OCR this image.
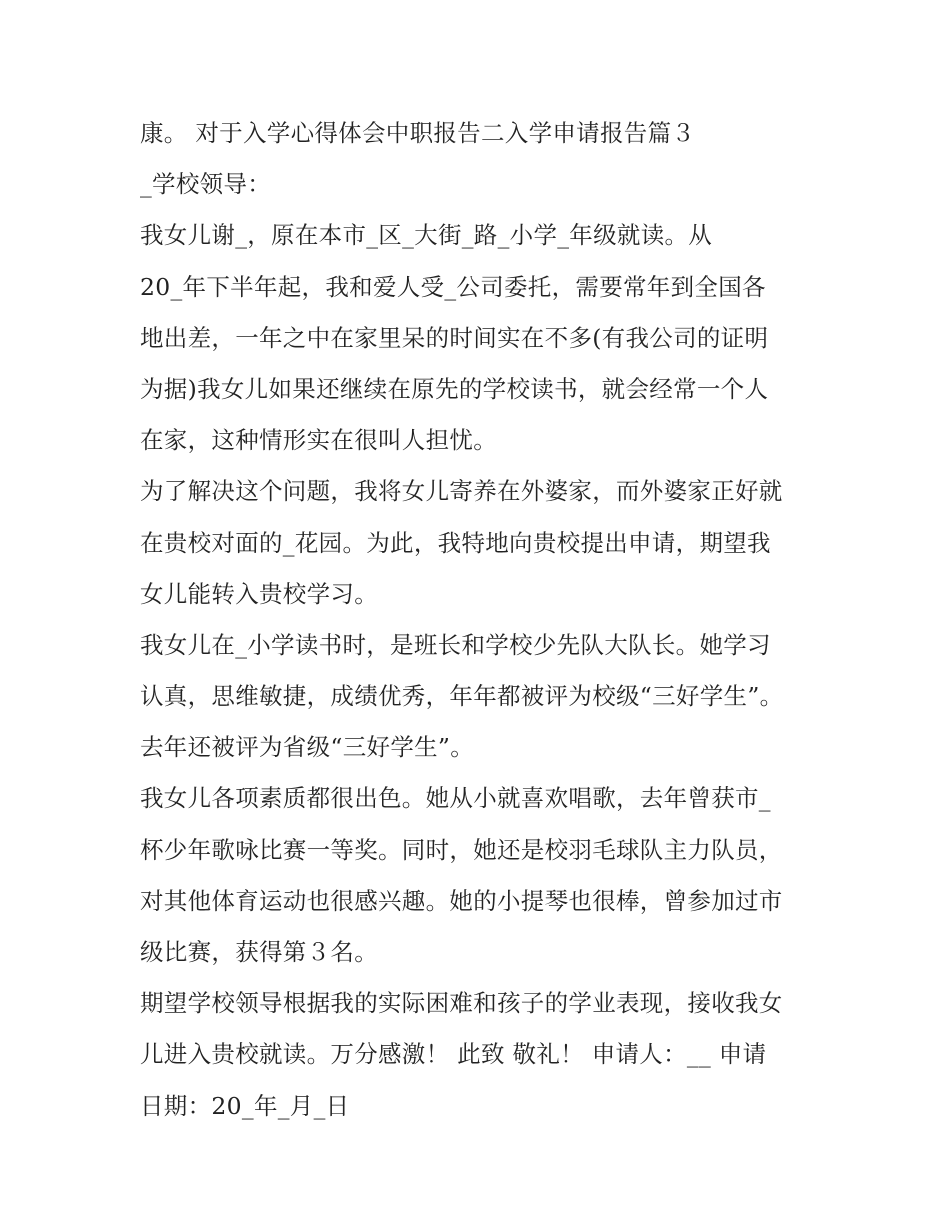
康。 对于入学心得体会中职报告二入学申请报告篇３
_学校领导：
我女儿谢_，原在本市_区_大街_路_小学_年级就读。从
20_年下半年起，我和爱人受_公司委托，需要常年到全国各
地出差，一年之中在家里呆的时间实在不多(有我公司的证明
为据)我女儿如果还继续在原先的学校读书，就会经常一个人
在家，这种情形实在很叫人担忧。
为了解决这个问题，我将女儿寄养在外婆家，而外婆家正好就
在贵校对面的_花园。为此，我特地向贵校提出申请，期望我
女儿能转入贵校学习。
我女儿在_小学读书时，是班长和学校少先队大队长。她学习
认真，思维敏捷，成绩优秀，年年都被评为校级“三好学生”。
去年还被评为省级“三好学生”。
我女儿各项素质都很出色。她从小就喜欢唱歌，去年曾获市_
杯少年歌咏比赛一等奖。同时，她还是校羽毛球队主力队员，
对其他体育运动也很感兴趣。她的小提琴也很棒，曾参加过市
级比赛，获得第３名。
期望学校领导根据我的实际困难和孩子的学业表现，接收我女
儿进入贵校就读。万分感激！ 此致 敬礼！ 申请人：__ 申请
日期：20_年_月_日
